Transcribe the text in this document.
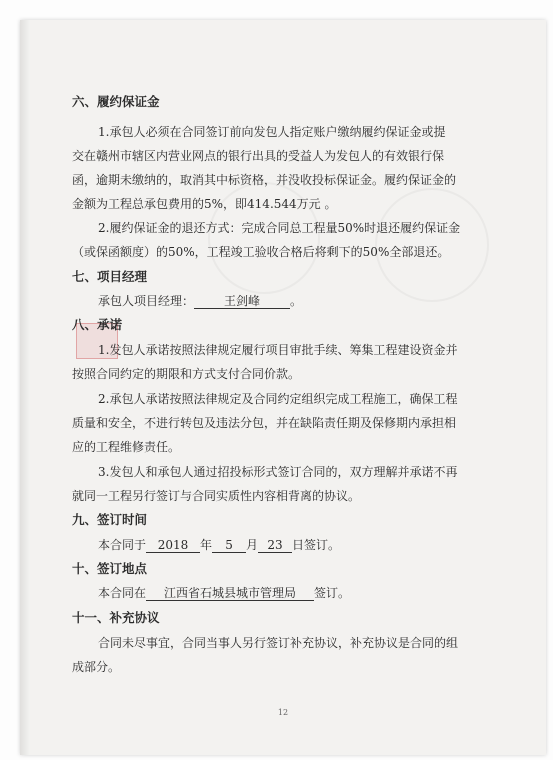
六、履约保证金
1.承包人必须在合同签订前向发包人指定账户缴纳履约保证金或提
交在赣州市辖区内营业网点的银行出具的受益人为发包人的有效银行保
函，逾期未缴纳的，取消其中标资格，并没收投标保证金。履约保证金的
金额为工程总承包费用的5%，即414.544万元 。
2.履约保证金的退还方式：完成合同总工程量50%时退还履约保证金
（或保函额度）的50%，工程竣工验收合格后将剩下的50%全部退还。
七、项目经理
承包人项目经理： 王剑峰	。
八、承诺
1.发包人承诺按照法律规定履行项目审批手续、筹集工程建设资金并
按照合同约定的期限和方式支付合同价款。
2.承包人承诺按照法律规定及合同约定组织完成工程施工，确保工程
质量和安全，不进行转包及违法分包，并在缺陷责任期及保修期内承担相
应的工程维修责任。
3.发包人和承包人通过招投标形式签订合同的，双方理解并承诺不再
就同一工程另行签订与合同实质性内容相背离的协议。
九、签订时间
本合同于 2018 年 5 月 23 日签订。
十、签订地点
本合同在 江西省石城县城市管理局 签订。
十一、补充协议
合同未尽事宜，合同当事人另行签订补充协议，补充协议是合同的组
成部分。
12
